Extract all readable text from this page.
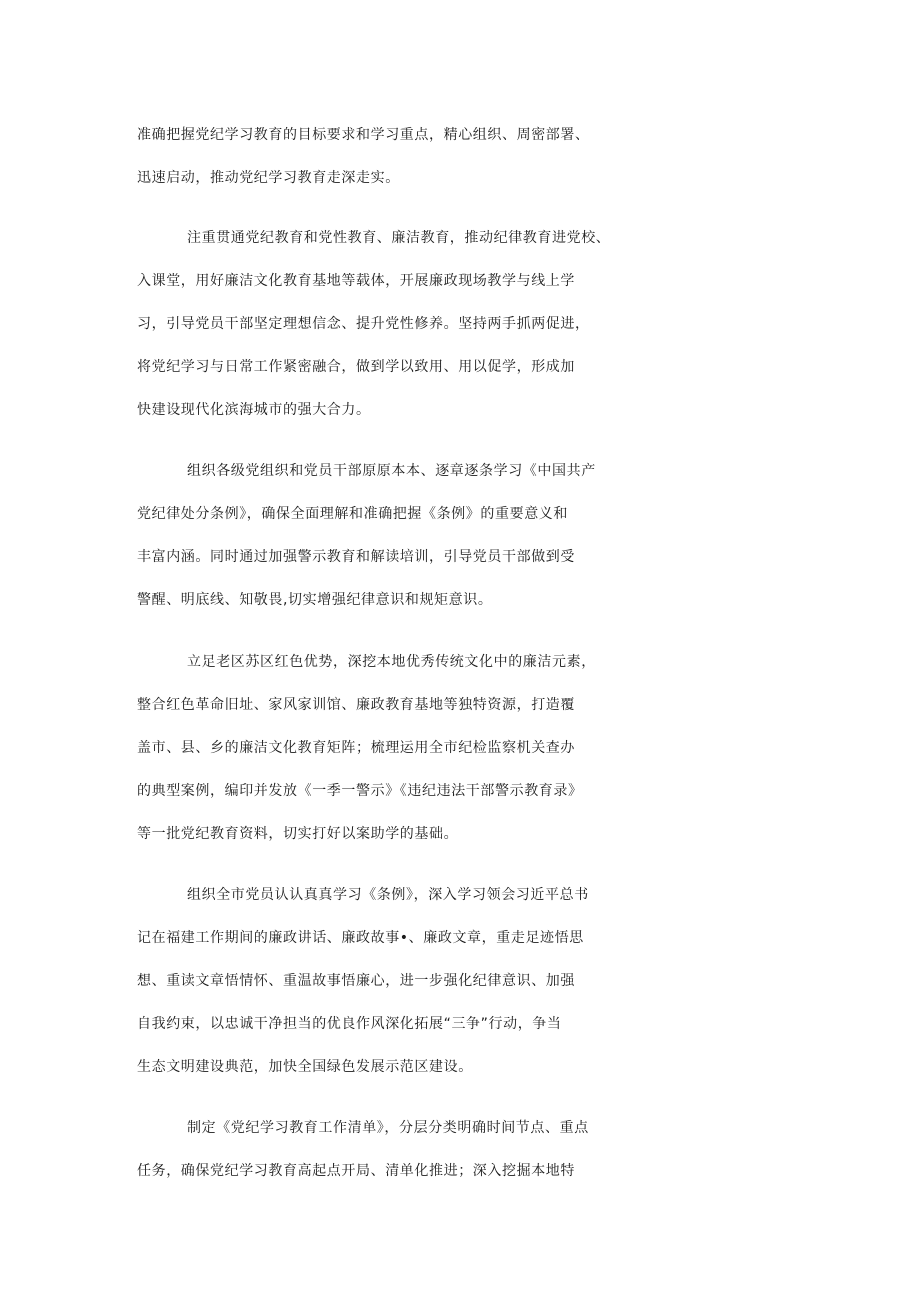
准确把握党纪学习教育的目标要求和学习重点，精心组织、周密部署、
迅速启动，推动党纪学习教育走深走实。
注重贯通党纪教育和党性教育、廉洁教育，推动纪律教育进党校、
入课堂，用好廉洁文化教育基地等载体，开展廉政现场教学与线上学
习，引导党员干部坚定理想信念、提升党性修养。坚持两手抓两促进，
将党纪学习与日常工作紧密融合，做到学以致用、用以促学，形成加
快建设现代化滨海城市的强大合力。
组织各级党组织和党员干部原原本本、逐章逐条学习《中国共产
党纪律处分条例》，确保全面理解和准确把握《条例》的重要意义和
丰富内涵。同时通过加强警示教育和解读培训，引导党员干部做到受
警醒、明底线、知敬畏,切实增强纪律意识和规矩意识。
立足老区苏区红色优势，深挖本地优秀传统文化中的廉洁元素，
整合红色革命旧址、家风家训馆、廉政教育基地等独特资源，打造覆
盖市、县、乡的廉洁文化教育矩阵；梳理运用全市纪检监察机关查办
的典型案例，编印并发放《一季一警示》《违纪违法干部警示教育录》
等一批党纪教育资料，切实打好以案助学的基础。
组织全市党员认认真真学习《条例》，深入学习领会习近平总书
记在福建工作期间的廉政讲话、廉政故事•、廉政文章，重走足迹悟思
想、重读文章悟情怀、重温故事悟廉心，进一步强化纪律意识、加强
自我约束，以忠诚干净担当的优良作风深化拓展“三争”行动，争当
生态文明建设典范，加快全国绿色发展示范区建设。
制定《党纪学习教育工作清单》，分层分类明确时间节点、重点
任务，确保党纪学习教育高起点开局、清单化推进；深入挖掘本地特
